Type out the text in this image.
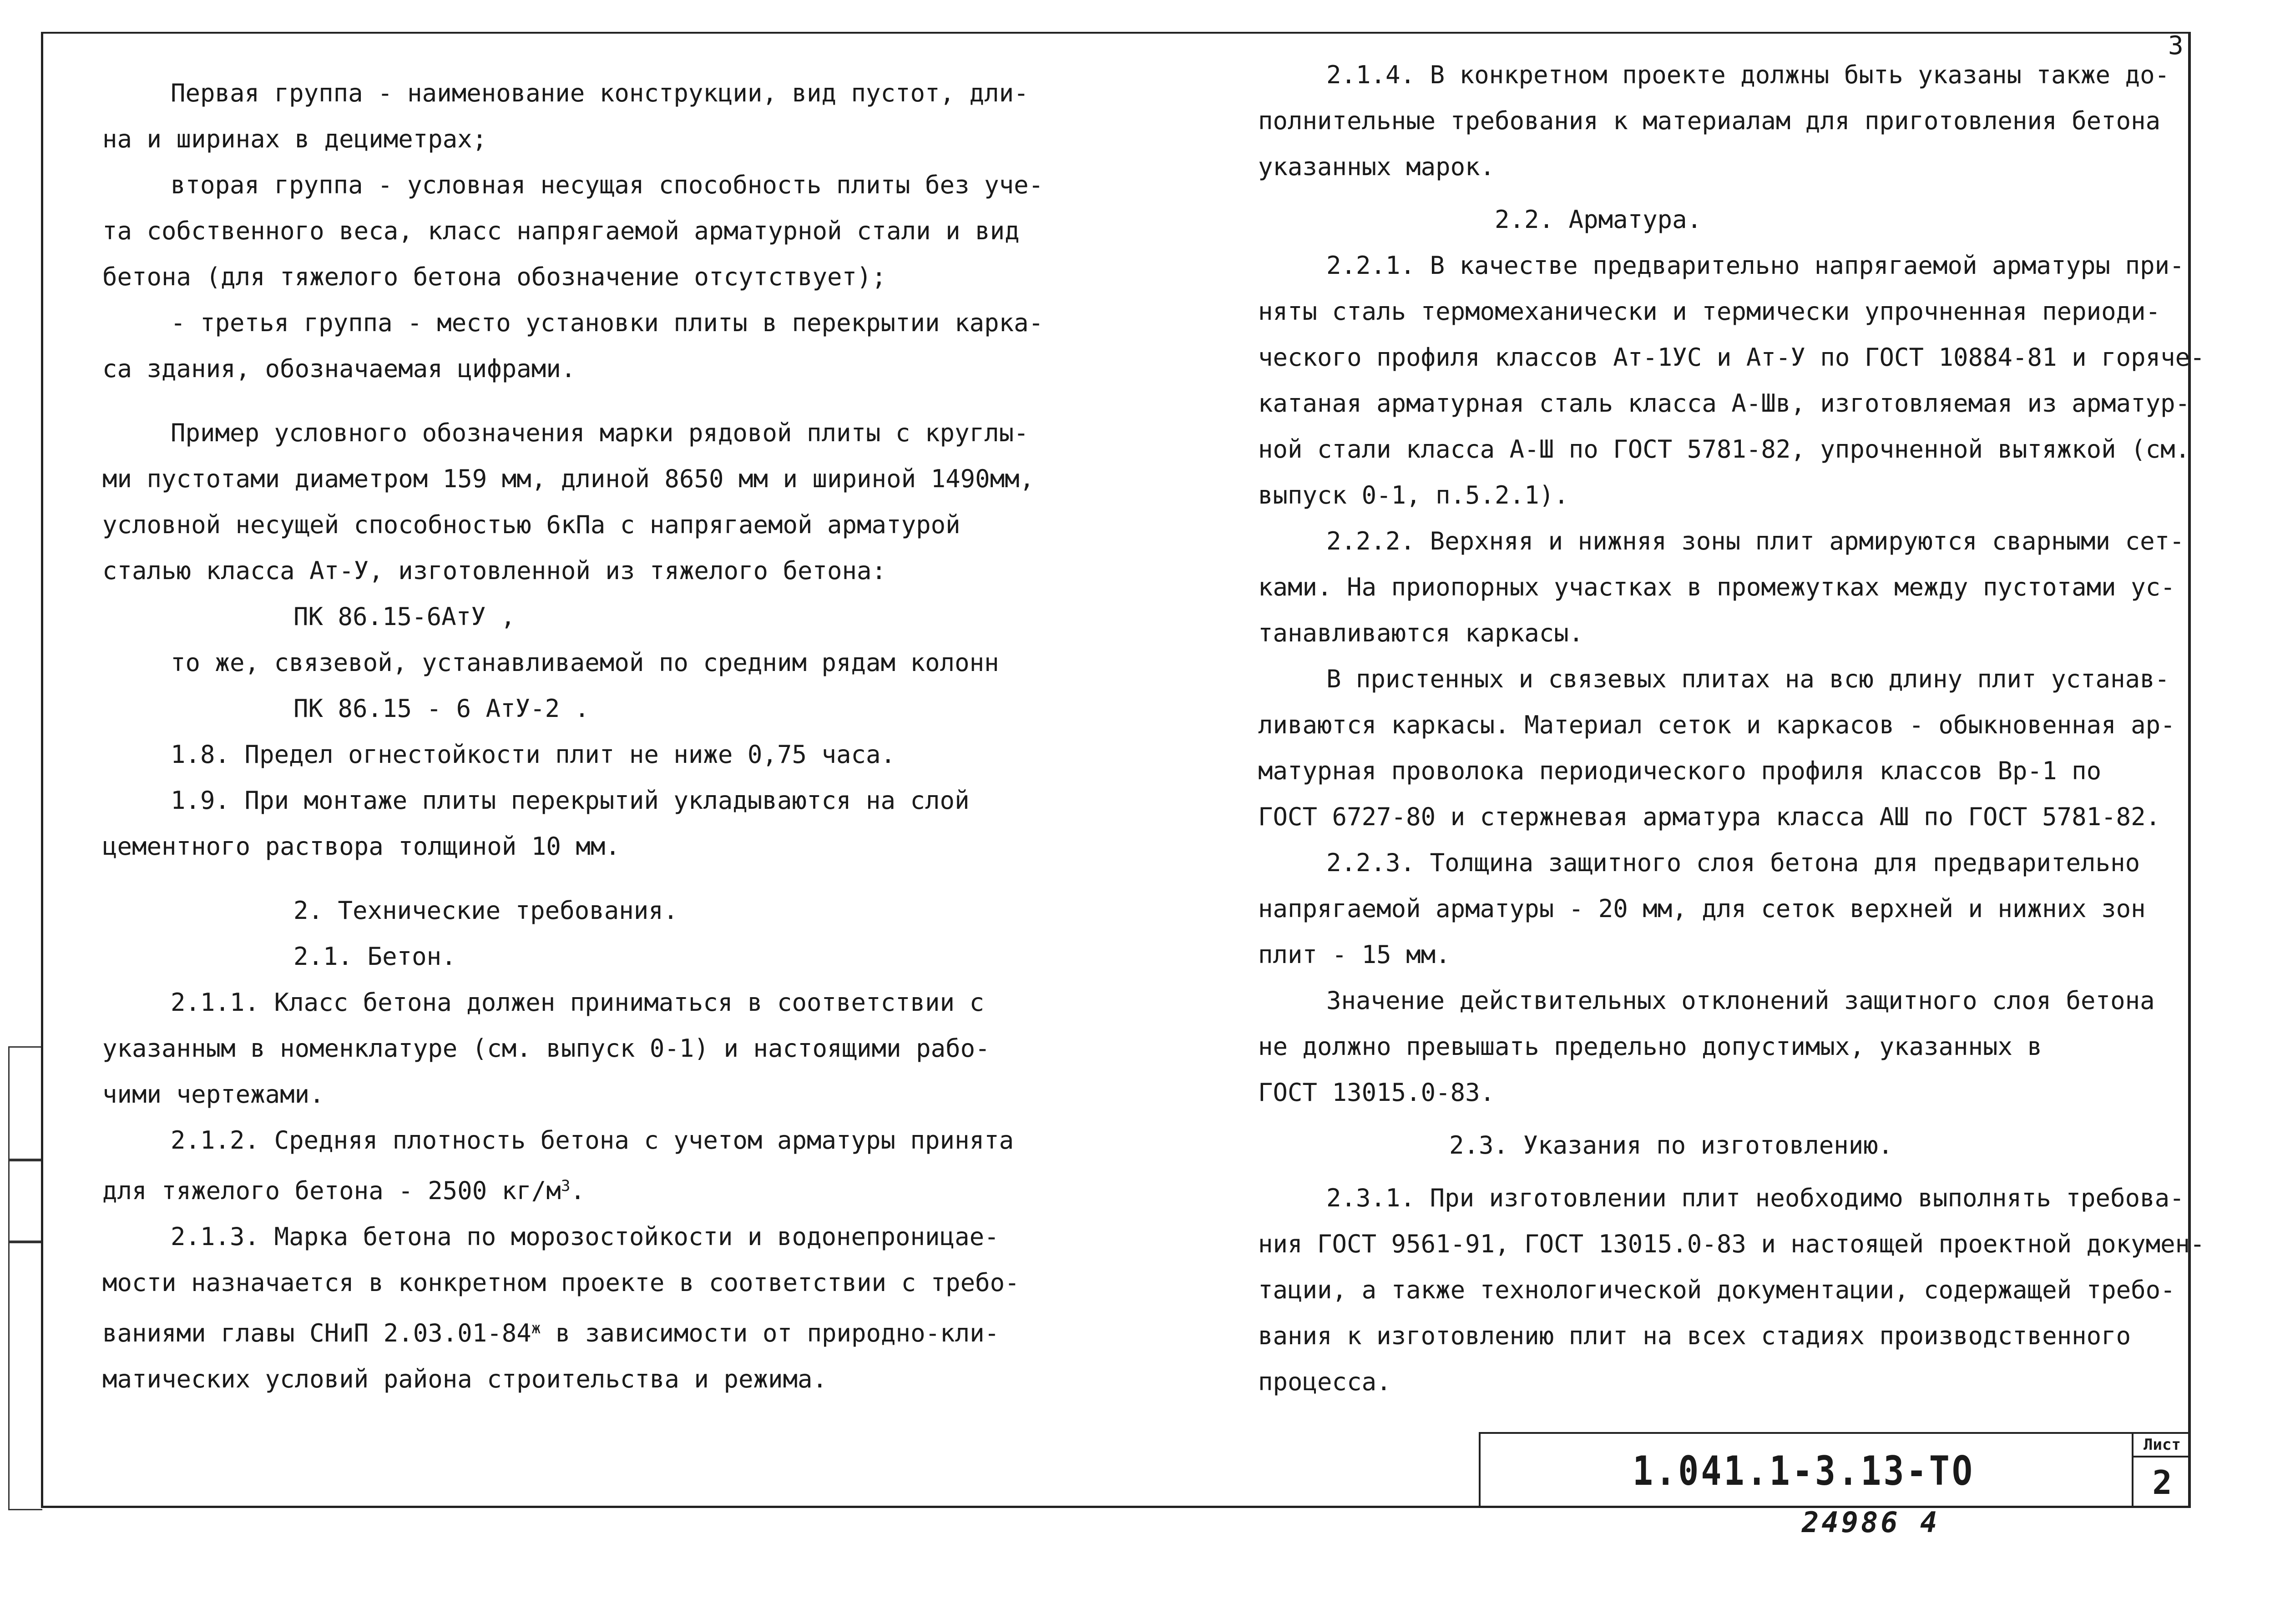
Первая группа - наименование конструкции, вид пустот, дли-

на и ширинах в дециметрах;

вторая группа - условная несущая способность плиты без уче-

та собственного веса, класс напрягаемой арматурной стали и вид

бетона (для тяжелого бетона обозначение отсутствует);

- третья группа - место установки плиты в перекрытии карка-

са здания, обозначаемая цифрами.

Пример условного обозначения марки рядовой плиты с круглы-

ми пустотами диаметром 159 мм, длиной 8650 мм и шириной 1490мм,

условной несущей способностью 6кПа с напрягаемой арматурой

сталью класса Ат-У, изготовленной из тяжелого бетона:

ПК 86.15-6АтУ ,

то же, связевой, устанавливаемой по средним рядам колонн

ПК 86.15 - 6 АтУ-2 .

1.8. Предел огнестойкости плит не ниже 0,75 часа.

1.9. При монтаже плиты перекрытий укладываются на слой

цементного раствора толщиной 10 мм.

2. Технические требования.

2.1. Бетон.

2.1.1. Класс бетона должен приниматься в соответствии с

указанным в номенклатуре (см. выпуск 0-1) и настоящими рабо-

чими чертежами.

2.1.2. Средняя плотность бетона с учетом арматуры принята

для тяжелого бетона - 2500 $кг/м^3$.

2.1.3. Марка бетона по морозостойкости и водонепроницае-

мости назначается в конкретном проекте в соответствии с требо-

ваниями главы СНиП $2.03.01-84^ж$ в зависимости от природно-кли-

матических условий района строительства и режима.

2.1.4. В конкретном проекте должны быть указаны также до-

полнительные требования к материалам для приготовления бетона

указанных марок.

2.2. Арматура.

2.2.1. В качестве предварительно напрягаемой арматуры при-

няты сталь термомеханически и термически упрочненная периоди-

ческого профиля классов Ат-1УС и Ат-У по ГОСТ 10884-81 и горяче-

катаная арматурная сталь класса А-Шв, изготовляемая из арматур-

ной стали класса А-Ш по ГОСТ 5781-82, упрочненной вытяжкой (см.

выпуск 0-1, п.5.2.1).

2.2.2. Верхняя и нижняя зоны плит армируются сварными сет-

ками. На приопорных участках в промежутках между пустотами ус-

танавливаются каркасы.

В пристенных и связевых плитах на всю длину плит устанав-

ливаются каркасы. Материал сеток и каркасов - обыкновенная ар-

матурная проволока периодического профиля классов Вр-1 по

ГОСТ 6727-80 и стержневая арматура класса АШ по ГОСТ 5781-82.

2.2.3. Толщина защитного слоя бетона для предварительно

напрягаемой арматуры - 20 мм, для сеток верхней и нижних зон

плит - 15 мм.

Значение действительных отклонений защитного слоя бетона

не должно превышать предельно допустимых, указанных в

ГОСТ 13015.0-83.

2.3. Указания по изготовлению.

2.3.1. При изготовлении плит необходимо выполнять требова-

ния ГОСТ 9561-91, ГОСТ 13015.0-83 и настоящей проектной докумен-

тации, а также технологической документации, содержащей требо-

вания к изготовлению плит на всех стадиях производственного

процесса.

3
1.041.1-3.13-ТО
Лист
2
24986 4
